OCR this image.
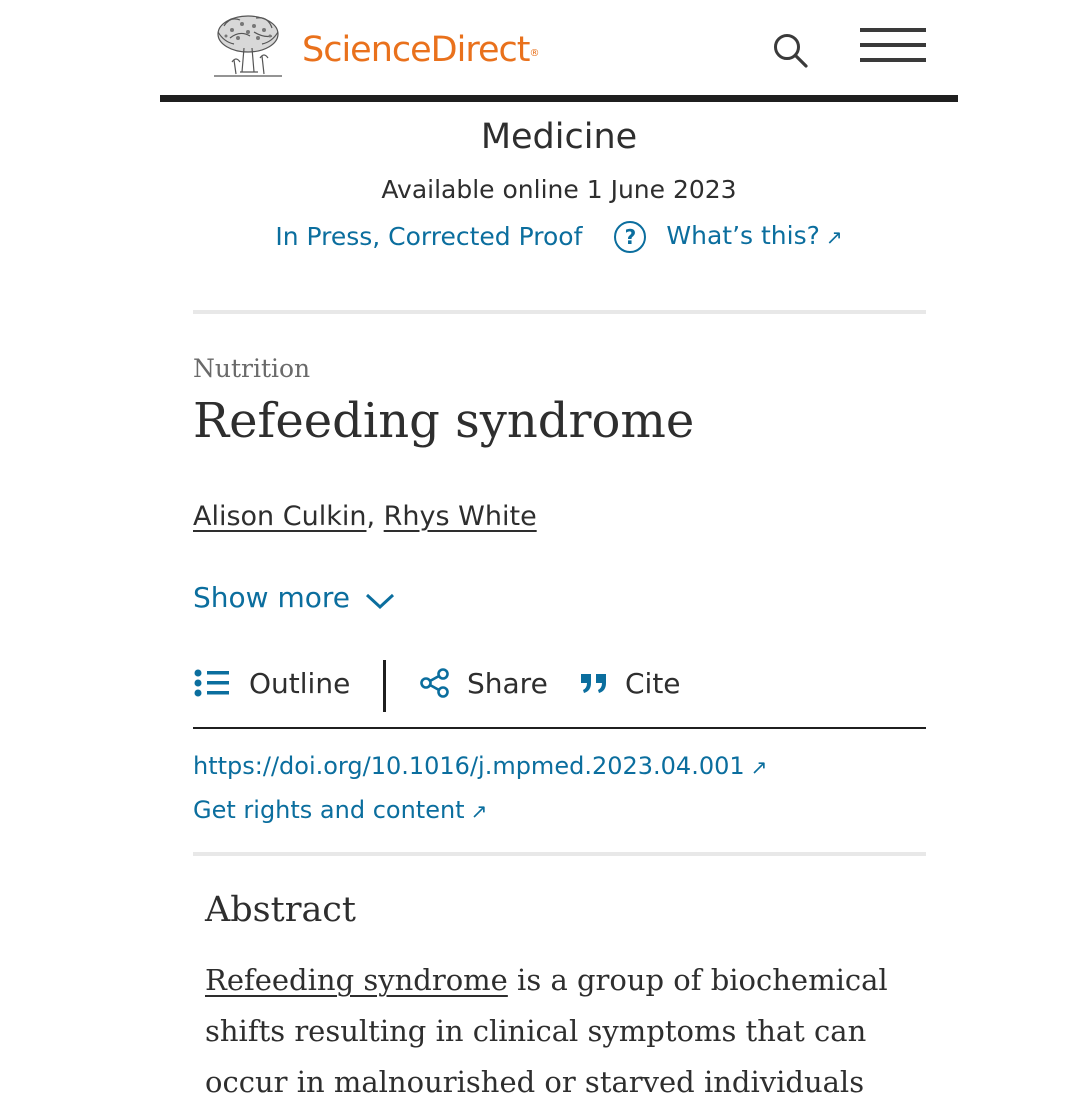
ScienceDirect®
Medicine
Available online 1 June 2023
In Press, Corrected Proof	?	What’s this? ↗
Nutrition
Refeeding syndrome
Alison Culkin, Rhys White
Show more
Outline	Share	Cite
https://doi.org/10.1016/j.mpmed.2023.04.001 ↗
Get rights and content ↗
Abstract
Refeeding syndrome is a group of biochemical shifts resulting in clinical symptoms that can occur in malnourished or starved individuals
